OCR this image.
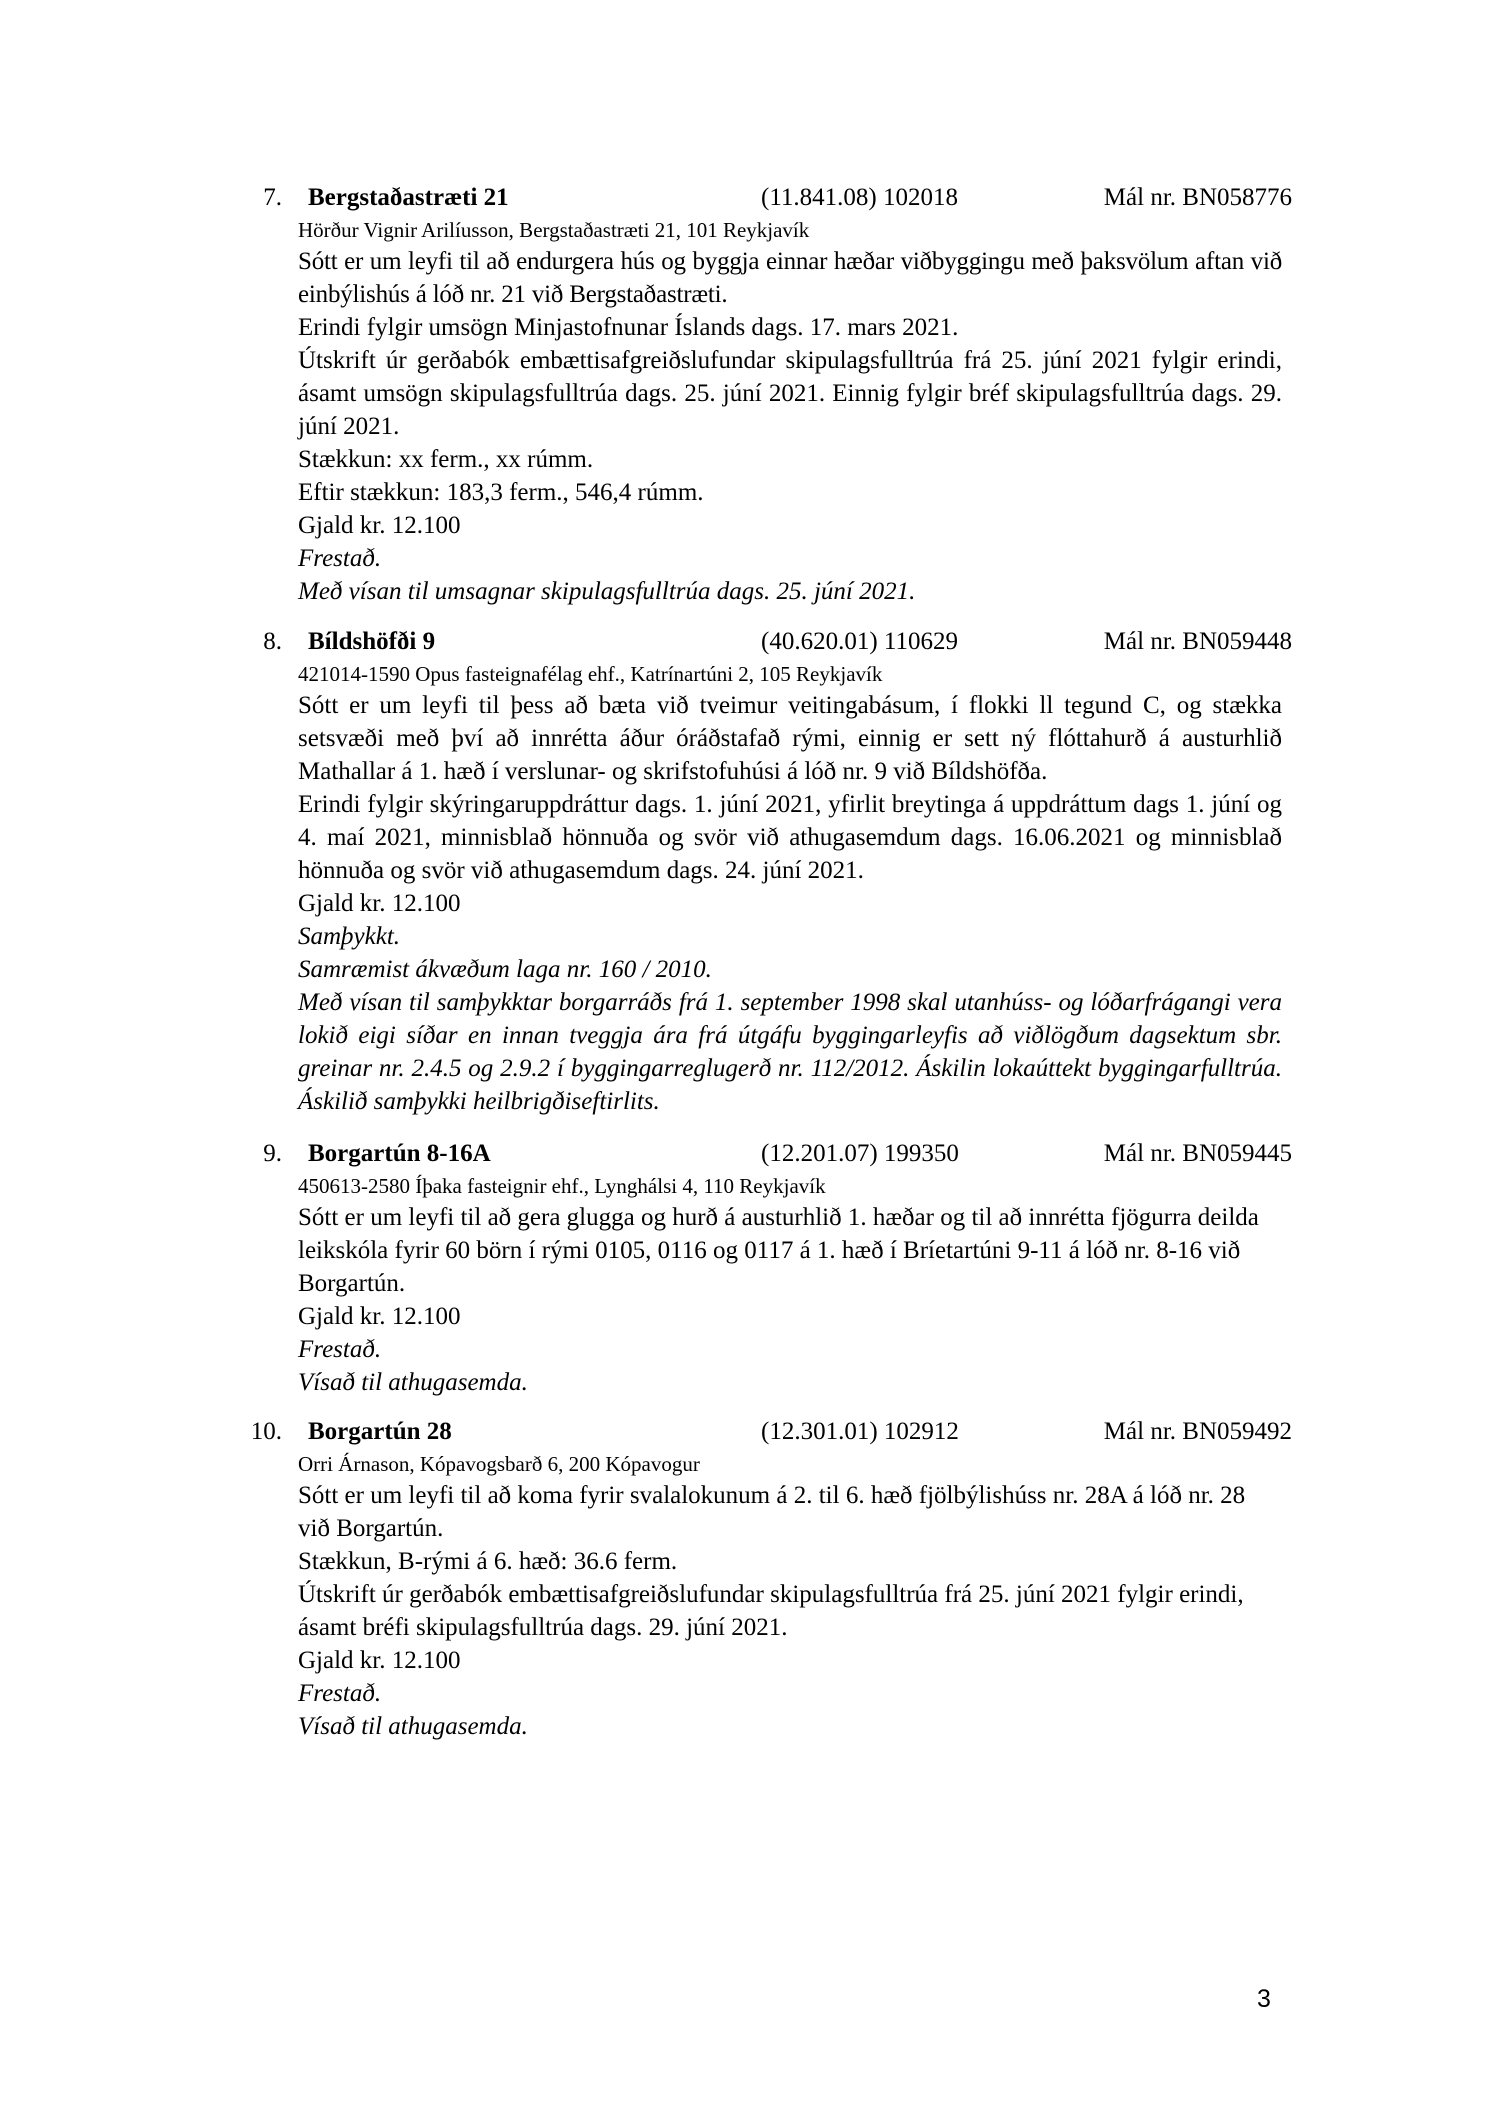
7. Bergstaðastræti 21	(11.841.08) 102018	Mál nr. BN058776
Hörður Vignir Arilíusson, Bergstaðastræti 21, 101 Reykjavík

Sótt er um leyfi til að endurgera hús og byggja einnar hæðar viðbyggingu með þaksvölum aftan við einbýlishús á lóð nr. 21 við Bergstaðastræti.

Erindi fylgir umsögn Minjastofnunar Íslands dags. 17. mars 2021.

Útskrift úr gerðabók embættisafgreiðslufundar skipulagsfulltrúa frá 25. júní 2021 fylgir erindi, ásamt umsögn skipulagsfulltrúa dags. 25. júní 2021. Einnig fylgir bréf skipulagsfulltrúa dags. 29. júní 2021.

Stækkun: xx ferm., xx rúmm.

Eftir stækkun: 183,3 ferm., 546,4 rúmm.

Gjald kr. 12.100

Frestað.

Með vísan til umsagnar skipulagsfulltrúa dags. 25. júní 2021.

8. Bíldshöfði 9	(40.620.01) 110629	Mál nr. BN059448
421014-1590 Opus fasteignafélag ehf., Katrínartúni 2, 105 Reykjavík

Sótt er um leyfi til þess að bæta við tveimur veitingabásum, í flokki ll tegund C, og stækka setsvæði með því að innrétta áður óráðstafað rými, einnig er sett ný flóttahurð á austurhlið Mathallar á 1. hæð í verslunar- og skrifstofuhúsi á lóð nr. 9 við Bíldshöfða.

Erindi fylgir skýringaruppdráttur dags. 1. júní 2021, yfirlit breytinga á uppdráttum dags 1. júní og 4. maí 2021, minnisblað hönnuða og svör við athugasemdum dags. 16.06.2021 og minnisblað hönnuða og svör við athugasemdum dags. 24. júní 2021.

Gjald kr. 12.100

Samþykkt.

Samræmist ákvæðum laga nr. 160 / 2010.

Með vísan til samþykktar borgarráðs frá 1. september 1998 skal utanhúss- og lóðarfrágangi vera lokið eigi síðar en innan tveggja ára frá útgáfu byggingarleyfis að viðlögðum dagsektum sbr. greinar nr. 2.4.5 og 2.9.2 í byggingarreglugerð nr. 112/2012. Áskilin lokaúttekt byggingarfulltrúa. Áskilið samþykki heilbrigðiseftirlits.

9. Borgartún 8-16A	(12.201.07) 199350	Mál nr. BN059445
450613-2580 Íþaka fasteignir ehf., Lynghálsi 4, 110 Reykjavík

Sótt er um leyfi til að gera glugga og hurð á austurhlið 1. hæðar og til að innrétta fjögurra deilda leikskóla fyrir 60 börn í rými 0105, 0116 og 0117 á 1. hæð í Bríetartúni 9-11 á lóð nr. 8-16 við Borgartún.

Gjald kr. 12.100

Frestað.

Vísað til athugasemda.

10. Borgartún 28	(12.301.01) 102912	Mál nr. BN059492
Orri Árnason, Kópavogsbarð 6, 200 Kópavogur

Sótt er um leyfi til að koma fyrir svalalokunum á 2. til 6. hæð fjölbýlishúss nr. 28A á lóð nr. 28 við Borgartún.

Stækkun, B-rými á 6. hæð: 36.6 ferm.

Útskrift úr gerðabók embættisafgreiðslufundar skipulagsfulltrúa frá 25. júní 2021 fylgir erindi, ásamt bréfi skipulagsfulltrúa dags. 29. júní 2021.

Gjald kr. 12.100

Frestað.

Vísað til athugasemda.

3
